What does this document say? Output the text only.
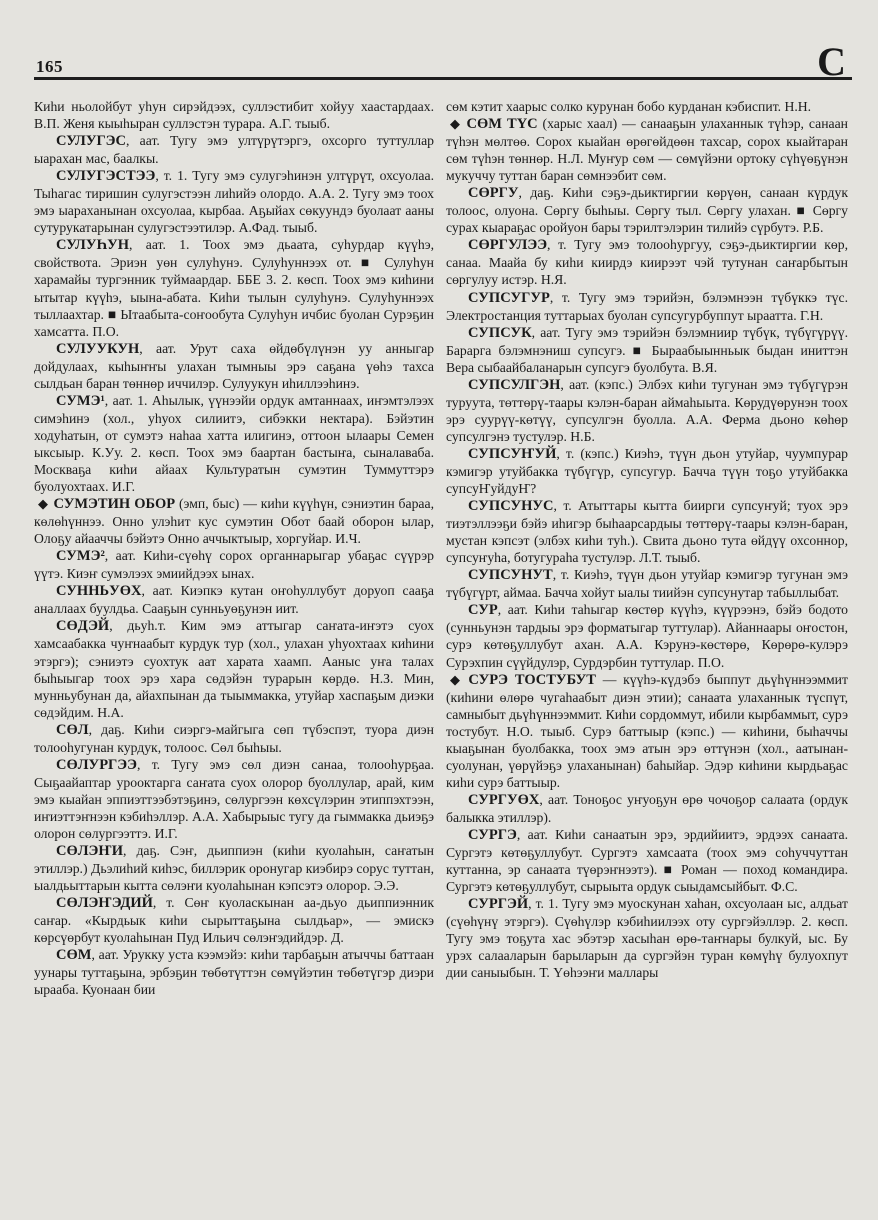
165	С

Киһи ньолойбут уһун сирэйдээх, суллэстибит хойуу хаастардаах. В.П. Женя кыыһыран суллэстэн турара. А.Г. тыыб.

СУЛУГЭС, аат. Тугу эмэ ултүрүтэргэ, охсорго туттуллар ыарахан мас, баалкы.

СУЛУГЭСТЭЭ, т. 1. Тугу эмэ сулугэһинэн ултүрүт, охсуолаа. Тыһагас тиришин сулугэстээн лиһийэ олордо. А.А. 2. Тугу эмэ тоох эмэ ыараханынан охсуолаа, кырбаа. Аҕыйах сөкуундэ буолаат ааны сутурукатарынан сулугэстээтилэр. А.Фад. тыыб.

СУЛУҺУН, аат. 1. Тоох эмэ дьаата, суһурдар күүһэ, свойствота. Эриэн уөн сулуһунэ. Сулуһуннээх от. ■ Сулуһун харамайы тургэнник туймаардар. ББЕ 3. 2. көсп. Тоох эмэ киһини ытытар күүһэ, ыына-абата. Киһи тылын сулуһунэ. Сулуһуннээх тыллаахтар. ■ Ытаабыта-соҥообута Сулуһун ичбис буолан Сурэҕин хамсатта. П.О.

СУЛУУКУН, аат. Урут саха өйдөбүлүнэн уу анныгар дойдулаах, кыһыҥҥы улахан тымныы эрэ саҕана үөһэ тахса сылдьан баран төннөр иччилэр. Сулуукун иһиллээһинэ.

СУМЭ¹, аат. 1. Аһылык, үүнээйи ордук амтаннаах, иҥэмтэлээх симэһинэ (хол., уһуох силиитэ, сибэкки нектара). Бэйэтин ходуһатын, от сумэтэ наһаа хатта илигинэ, оттоон ылаары Семен ыксыыр. К.Уу. 2. көсп. Тоох эмэ баартан бастыҥа, сыналаваба. Москваҕа киһи айаах Культуратын сумэтин Туммуттэрэ буолуохтаах. И.Г.

◆ СУМЭТИН ОБОР (эмп, быс) — киһи күүһүн, сэниэтин бараа, көлөһүннээ. Онно улэһит кус сумэтин Обот баай оборон ылар, Олоҕу айааччы бэйэтэ Онно аччыктыыр, хоргуйар. И.Ч.

СУМЭ², аат. Киһи-сүөһү сорох органнарыгар убаҕас сүүрэр үүтэ. Киэҥ сумэлээх эмиийдээх ынах.

СУННЬУӨХ, аат. Киэпкэ кутан оҥоһуллубут доруоп сааҕа аналлаах буулдьа. Сааҕын сунньуөҕунэн иит.

СӨДЭЙ, дьуһ.т. Ким эмэ аттыгар саҥата-иҥэтэ суох хамсаабакка чуҥнаабыт курдук тур (хол., улахан уһуохтаах киһини этэргэ); сэниэтэ суохтук аат харата хаамп. Ааныс уҥа талах быһыыгар тоох эрэ хара сөдэйэн турарын көрдө. Н.З. Мин, мунньубунан да, айахпынан да тыыммакка, утуйар хаспаҕым диэки сөдэйдим. Н.А.

СӨЛ, даҕ. Киһи сиэргэ-майгыга сөп түбэспэт, туора диэн толооһугунан курдук, толоос. Сөл быһыы.

СӨЛУРГЭЭ, т. Тугу эмэ сөл диэн санаа, толооһурҕаа. Сыҕаайаптар урооктарга саҥата суох олорор буоллулар, арай, ким эмэ кыайан эппиэттээбэтэҕинэ, сөлургээн көхсүлэрин этиппэхтээн, иҥиэттэҥнээн кэбиһэллэр. А.А. Хабырыыс тугу да гыммакка дьиэҕэ олорон сөлургээттэ. И.Г.

СӨЛЭҤИ, даҕ. Сэҥ, дьиппиэн (киһи куолаһын, саҥатын этиллэр.) Дьэлиһий киһэс, биллэрик оронугар киэбирэ сорус туттан, ыалдьыттарын кытта сөлэҥи куолаһынан кэпсэтэ олорор. Э.Э.

СӨЛЭҤЭДИЙ, т. Сөҥ куоласкынан аа-дьуо дьиппиэнник саҥар. «Кырдьык киһи сырыттаҕына сылдьар», — эмискэ көрсүөрбут куолаһынан Пуд Ильич сөлэҥэдийдэр. Д.

СӨМ, аат. Урукку уста кээмэйэ: киһи тарбаҕын атыччы баттаан уунары туттаҕына, эрбэҕин төбөтүттэн сөмүйэтин төбөтүгэр диэри ыраа​ба. Куонаан бии

сөм кэтит хаарыс солко курунан бобо курданан кэбиспит. Н.Н.

◆ СӨМ ТҮС (харыс хаал) — санааҕын улаханнык түһэр, санаан түһэн мөлтөө. Сорох кыайан өрөгөйдөөн тахсар, сорох кыайтаран сөм түһэн төннөр. Н.Л. Муҥур сөм — сөмүйэни ортоку сүһүөҕүнэн мукуччу туттан баран сөмнээбит сөм.

СӨРГУ, даҕ. Киһи сэҕэ-дьиктиргии көрүөн, санаан күрдук толоос, олуона. Сөргу быһыы. Сөргу тыл. Сөргу улахан. ■ Сөргу сурах кыараҕас оройуон бары тэрилтэлэрин тилийэ сүрбутэ. Р.Б.

СӨРГУЛЭЭ, т. Тугу эмэ толооһургуу, сэҕэ-дьиктиргии көр, санаа. Маайа бу киһи киирдэ киирээт чэй тутунан саҥарбытын сөргулуу истэр. Н.Я.

СУПСУГУР, т. Тугу эмэ тэрийэн, бэлэмнээн түбүккэ түс. Электростанция туттарыах буолан супсугурбуппут ыраатта. Г.Н.

СУПСУК, аат. Тугу эмэ тэрийэн бэлэмниир түбүк, түбүгүрүү. Барарга бэлэмнэниш супсугэ. ■ Быраабыынньык быдан иниттэн Вера сыбаайбаланарын супсугэ буолбута. В.Я.

СУПСУЛГЭН, аат. (кэпс.) Элбэх киһи тугунан эмэ түбүгүрэн туруута, төттөрү-таары кэлэн-баран аймаһыыта. Көрудүөрунэн тоох эрэ суурүү-көтүү, супсулгэн буолла. А.А. Ферма дьоно көһөр супсулгэнэ тустулэр. Н.Б.

СУПСУҤУЙ, т. (кэпс.) Киэһэ, түүн дьон утуйар, чуумпурар кэмигэр утуйбакка түбүгүр, супсугур. Бачча түүн тоҕо утуйбакка супсуҤуйдуҤ?

СУПСУНУС, т. Атыттары кытта биирги супсуҥуй; туох эрэ тиэтэллээҕи бэйэ иһигэр быһаарсардыы төттөрү-таары кэлэн-баран, мустан кэпсэт (элбэх киһи туһ.). Свита дьоно тута өйдүү охсоннор, супсуҥуһа, ботугураһа тустулэр. Л.Т. тыыб.

СУПСУНУТ, т. Киэһэ, түүн дьон утуйар кэмигэр тугунан эмэ түбүгүрт, аймаа. Бачча хойут ыалы тиийэн супсунутар табыллыбат.

СУР, аат. Киһи таһыгар көстөр күүһэ, күүрээнэ, бэйэ бодото (сунньунэн тардыы эрэ форматыгар туттулар). Айаннаары оҥостон, сурэ көтөҕуллубут ахан. А.А. Кэрунэ-көстөрө, Көрөрө-кулэрэ Сурэхпин сүүйдулэр, Сурдэрбин туттулар. П.О.

◆ СУРЭ ТОСТУБУТ — күүһэ-күдэбэ быппут дьүһүннээммит (киһини өлөрө чугаһаабыт диэн этии); санаата улаханнык түспүт, самныбыт дьүһүннээммит. Киһи сордоммут, ибили кырбаммыт, сурэ тостубут. Н.О. тыыб. Сурэ баттыыр (кэпс.) — киһини, быһаччы кыаҕынан буолбакка, тоох эмэ атын эрэ өттүнэн (хол., аатынан-суолунан, үөрүйэҕэ улаханынан) баһыйар. Эдэр киһини кырдьаҕас киһи сурэ баттыыр.

СУРГУӨХ, аат. Тоноҕос уҥуоҕун өрө чочоҕор салаата (ордук балыкка этиллэр).

СУРГЭ, аат. Киһи санаатын эрэ, эрдийиитэ, эрдээх санаата. Сургэтэ көтөҕуллубут. Сургэтэ хамсаата (тоох эмэ соһуччуттан куттанна, эр санаата түөрэҥнээтэ). ■ Роман — поход командира. Сургэтэ көтөҕуллубут, сырыыта ордук сыыдамсыйбыт. Ф.С.

СУРГЭЙ, т. 1. Тугу эмэ муоскунан хаһан, охсуолаан ыс, алдьат (сүөһүнү этэргэ). Сүөһүлэр кэбиһиилээх оту сургэйэллэр. 2. көсп. Тугу эмэ тоҕута хас эбэтэр хасыһан өрө-таҥнары булкуй, ыс. Бу урэх салааларын барыларын да сургэйэн туран көмүһү булуохпут дии саныыбын. Т. Үөһээҥи маллары
